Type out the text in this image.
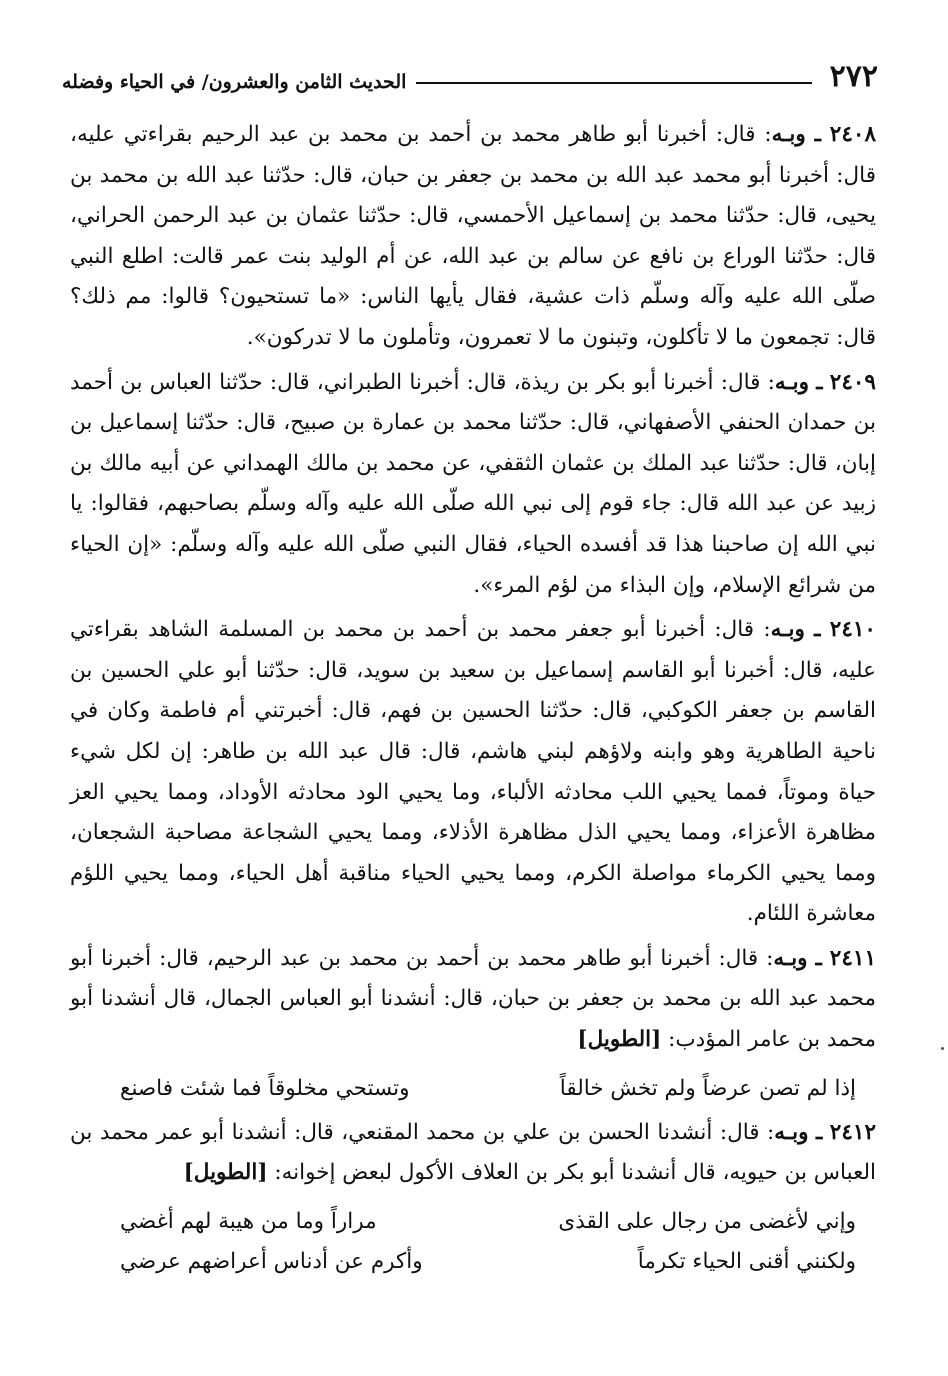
٢٧٢
الحديث الثامن والعشرون/ في الحياء وفضله

٢٤٠٨ ـ وبـه: قال: أخبرنا أبو طاهر محمد بن أحمد بن محمد بن عبد الرحيم بقراءتي عليه، قال: أخبرنا أبو محمد عبد الله بن محمد بن جعفر بن حبان، قال: حدّثنا عبد الله بن محمد بن يحيى، قال: حدّثنا محمد بن إسماعيل الأحمسي، قال: حدّثنا عثمان بن عبد الرحمن الحراني، قال: حدّثنا الوراع بن نافع عن سالم بن عبد الله، عن أم الوليد بنت عمر قالت: اطلع النبي صلّى الله عليه وآله وسلّم ذات عشية، فقال يأيها الناس: «ما تستحيون؟ قالوا: مم ذلك؟ قال: تجمعون ما لا تأكلون، وتبنون ما لا تعمرون، وتأملون ما لا تدركون».

٢٤٠٩ ـ وبـه: قال: أخبرنا أبو بكر بن ريذة، قال: أخبرنا الطبراني، قال: حدّثنا العباس بن أحمد بن حمدان الحنفي الأصفهاني، قال: حدّثنا محمد بن عمارة بن صبيح، قال: حدّثنا إسماعيل بن إبان، قال: حدّثنا عبد الملك بن عثمان الثقفي، عن محمد بن مالك الهمداني عن أبيه مالك بن زبيد عن عبد الله قال: جاء قوم إلى نبي الله صلّى الله عليه وآله وسلّم بصاحبهم، فقالوا: يا نبي الله إن صاحبنا هذا قد أفسده الحياء، فقال النبي صلّى الله عليه وآله وسلّم: «إن الحياء من شرائع الإسلام، وإن البذاء من لؤم المرء».

٢٤١٠ ـ وبـه: قال: أخبرنا أبو جعفر محمد بن أحمد بن محمد بن المسلمة الشاهد بقراءتي عليه، قال: أخبرنا أبو القاسم إسماعيل بن سعيد بن سويد، قال: حدّثنا أبو علي الحسين بن القاسم بن جعفر الكوكبي، قال: حدّثنا الحسين بن فهم، قال: أخبرتني أم فاطمة وكان في ناحية الطاهرية وهو وابنه ولاؤهم لبني هاشم، قال: قال عبد الله بن طاهر: إن لكل شيء حياة وموتاً، فمما يحيي اللب محادثه الألباء، وما يحيي الود محادثه الأوداد، ومما يحيي العز مظاهرة الأعزاء، ومما يحيي الذل مظاهرة الأذلاء، ومما يحيي الشجاعة مصاحبة الشجعان، ومما يحيي الكرماء مواصلة الكرم، ومما يحيي الحياء مناقبة أهل الحياء، ومما يحيي اللؤم معاشرة اللئام.

٢٤١١ ـ وبـه: قال: أخبرنا أبو طاهر محمد بن أحمد بن محمد بن عبد الرحيم، قال: أخبرنا أبو محمد عبد الله بن محمد بن جعفر بن حبان، قال: أنشدنا أبو العباس الجمال، قال أنشدنا أبو محمد بن عامر المؤدب: [الطويل]

إذا لم تصن عرضاً ولم تخش خالقاً
وتستحي مخلوقاً فما شئت فاصنع

٢٤١٢ ـ وبـه: قال: أنشدنا الحسن بن علي بن محمد المقنعي، قال: أنشدنا أبو عمر محمد بن العباس بن حيويه، قال أنشدنا أبو بكر بن العلاف الأكول لبعض إخوانه: [الطويل]

وإني لأغضى من رجال على القذى
مراراً وما من هيبة لهم أغضي
ولكنني أقنى الحياء تكرماً
وأكرم عن أدناس أعراضهم عرضي
